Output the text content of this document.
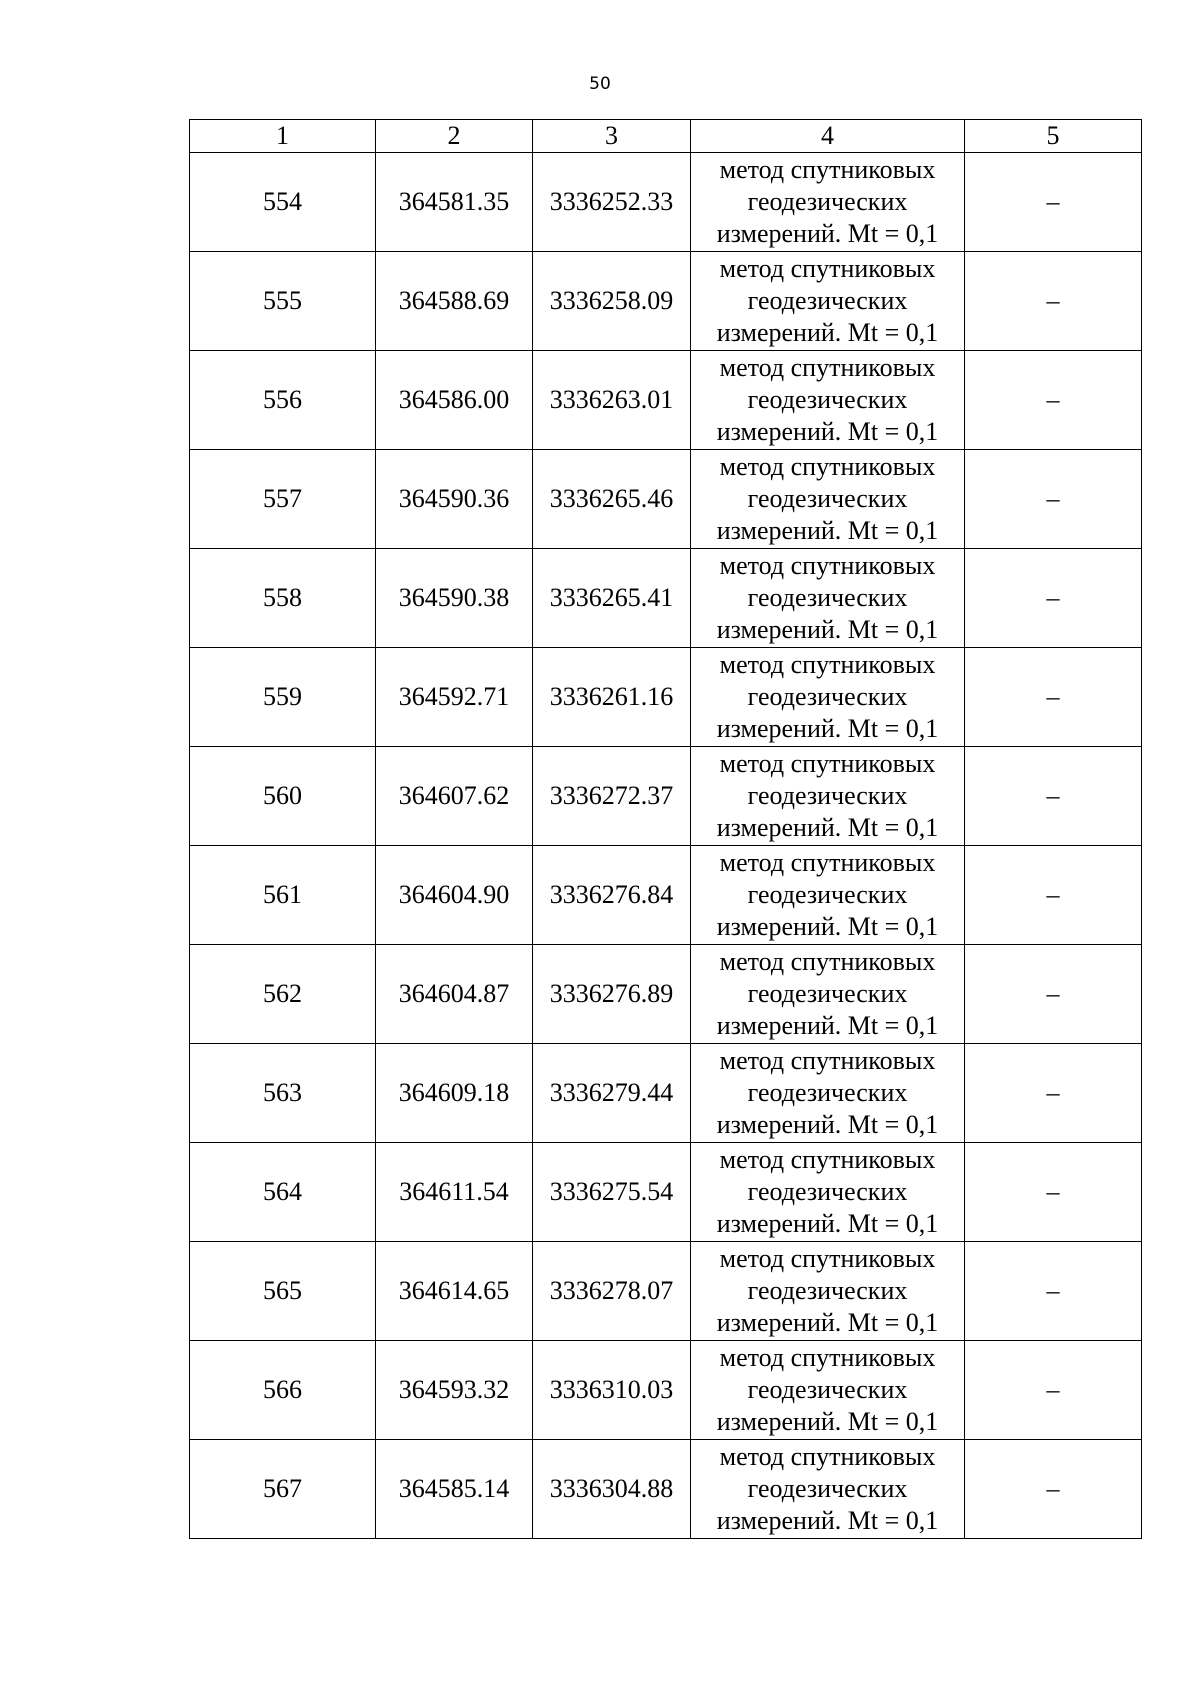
50
1	2	3	4	5
554	364581.35	3336252.33	метод спутниковых
геодезических
измерений. Mt = 0,1	–
555	364588.69	3336258.09	метод спутниковых
геодезических
измерений. Mt = 0,1	–
556	364586.00	3336263.01	метод спутниковых
геодезических
измерений. Mt = 0,1	–
557	364590.36	3336265.46	метод спутниковых
геодезических
измерений. Mt = 0,1	–
558	364590.38	3336265.41	метод спутниковых
геодезических
измерений. Mt = 0,1	–
559	364592.71	3336261.16	метод спутниковых
геодезических
измерений. Mt = 0,1	–
560	364607.62	3336272.37	метод спутниковых
геодезических
измерений. Mt = 0,1	–
561	364604.90	3336276.84	метод спутниковых
геодезических
измерений. Mt = 0,1	–
562	364604.87	3336276.89	метод спутниковых
геодезических
измерений. Mt = 0,1	–
563	364609.18	3336279.44	метод спутниковых
геодезических
измерений. Mt = 0,1	–
564	364611.54	3336275.54	метод спутниковых
геодезических
измерений. Mt = 0,1	–
565	364614.65	3336278.07	метод спутниковых
геодезических
измерений. Mt = 0,1	–
566	364593.32	3336310.03	метод спутниковых
геодезических
измерений. Mt = 0,1	–
567	364585.14	3336304.88	метод спутниковых
геодезических
измерений. Mt = 0,1	–
